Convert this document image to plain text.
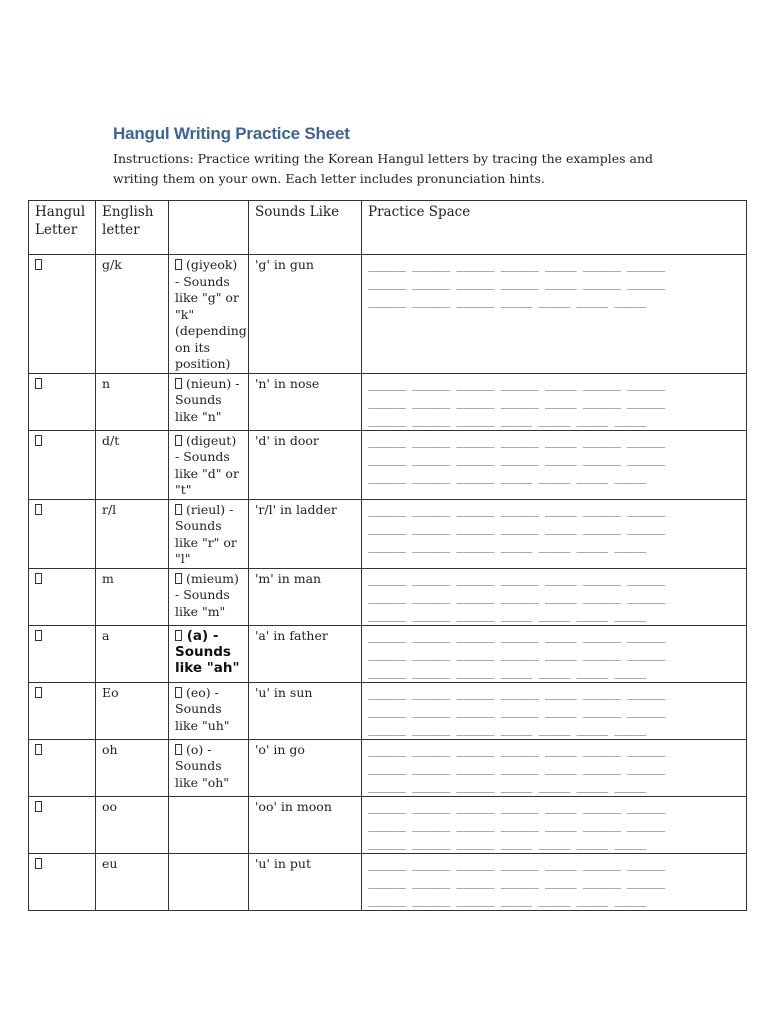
Hangul Writing Practice Sheet
Instructions: Practice writing the Korean Hangul letters by tracing the examples and writing them on your own. Each letter includes pronunciation hints.
Hangul Letter	English letter		Sounds Like	Practice Space
	g/k	(giyeok) - Sounds like "g" or "k" (depending on its position)	'g' in gun	______ ______ ______ ______ _____ ______ ______
______ ______ ______ ______ _____ ______ ______
______ ______ ______ _____ _____ _____ _____

	n	(nieun) - Sounds like "n"	'n' in nose	______ ______ ______ ______ _____ ______ ______
______ ______ ______ ______ _____ ______ ______
______ ______ ______ _____ _____ _____ _____

	d/t	(digeut) - Sounds like "d" or "t"	'd' in door	______ ______ ______ ______ _____ ______ ______
______ ______ ______ ______ _____ ______ ______
______ ______ ______ _____ _____ _____ _____

	r/l	(rieul) - Sounds like "r" or "l"	'r/l' in ladder	______ ______ ______ ______ _____ ______ ______
______ ______ ______ ______ _____ ______ ______
______ ______ ______ _____ _____ _____ _____

	m	(mieum) - Sounds like "m"	'm' in man	______ ______ ______ ______ _____ ______ ______
______ ______ ______ ______ _____ ______ ______
______ ______ ______ _____ _____ _____ _____

	a	(a) - Sounds like "ah"	'a' in father	______ ______ ______ ______ _____ ______ ______
______ ______ ______ ______ _____ ______ ______
______ ______ ______ _____ _____ _____ _____

	Eo	(eo) - Sounds like "uh"	'u' in sun	______ ______ ______ ______ _____ ______ ______
______ ______ ______ ______ _____ ______ ______
______ ______ ______ _____ _____ _____ _____

	oh	(o) - Sounds like "oh"	'o' in go	______ ______ ______ ______ _____ ______ ______
______ ______ ______ ______ _____ ______ ______
______ ______ ______ _____ _____ _____ _____

	oo		'oo' in moon	______ ______ ______ ______ _____ ______ ______
______ ______ ______ ______ _____ ______ ______
______ ______ ______ _____ _____ _____ _____

	eu		'u' in put	______ ______ ______ ______ _____ ______ ______
______ ______ ______ ______ _____ ______ ______
______ ______ ______ _____ _____ _____ _____
